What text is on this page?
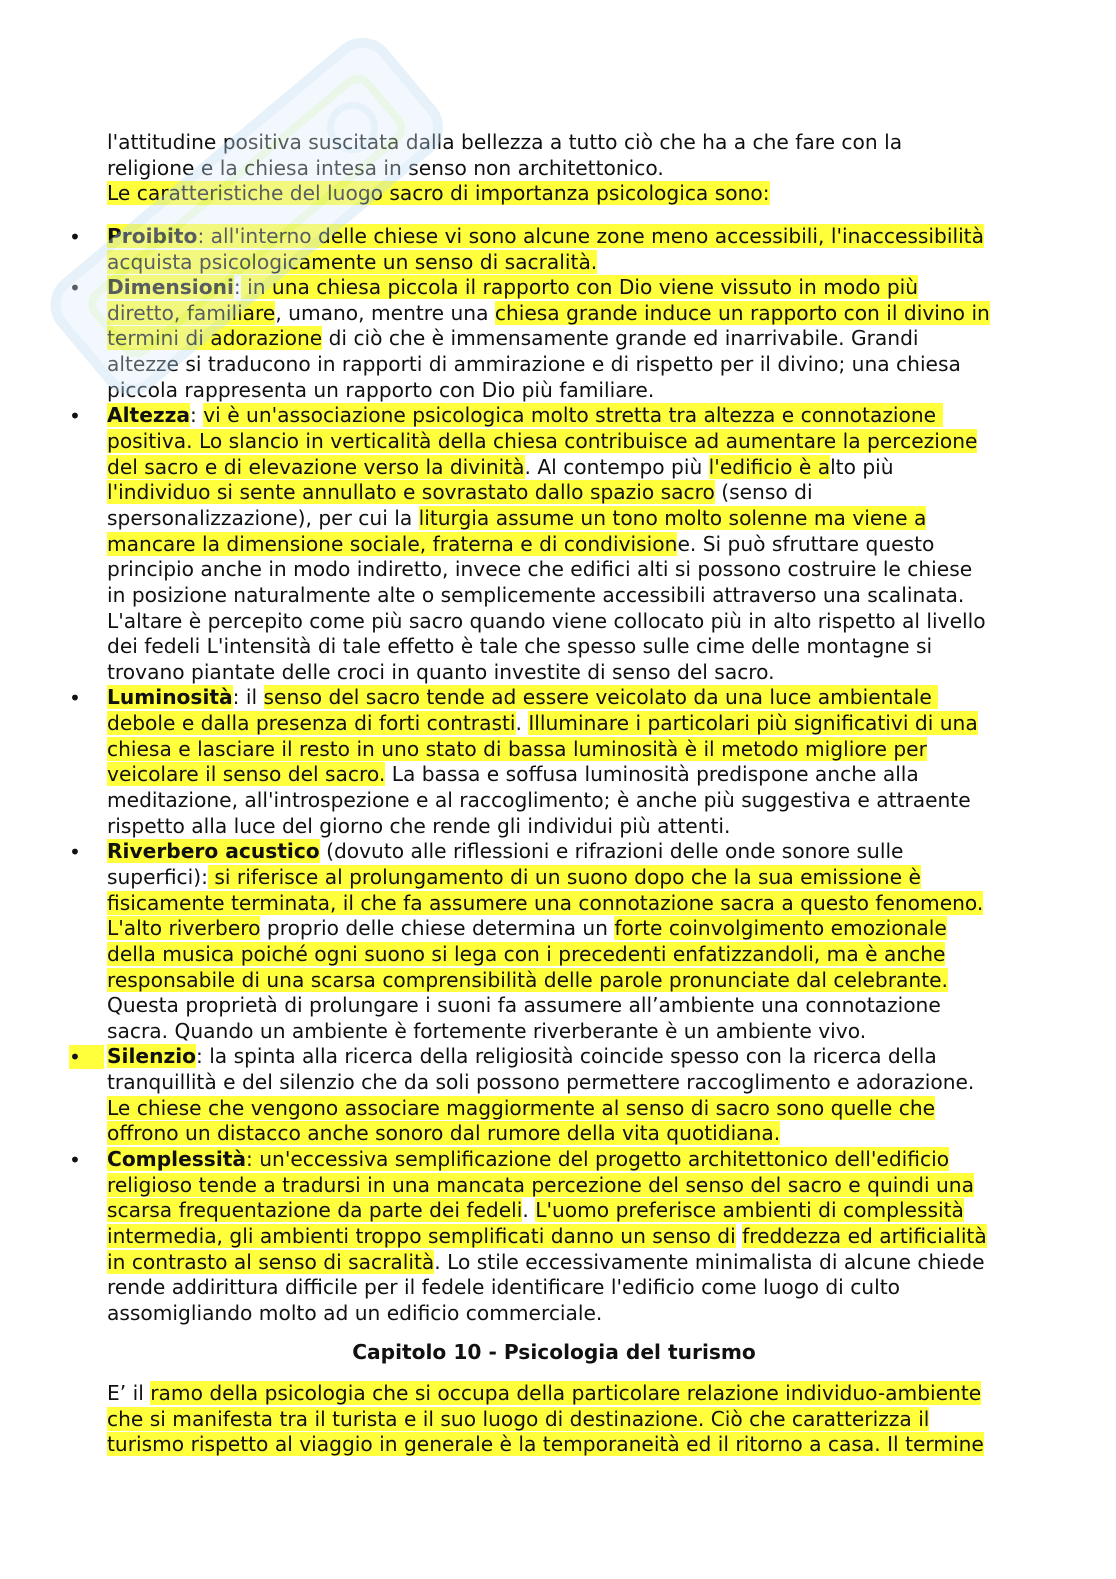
l'attitudine positiva suscitata dalla bellezza a tutto ciò che ha a che fare con la
religione e la chiesa intesa in senso non architettonico.
Le caratteristiche del luogo sacro di importanza psicologica sono:
•	Proibito: all'interno delle chiese vi sono alcune zone meno accessibili, l'inaccessibilità
acquista psicologicamente un senso di sacralità.
•	Dimensioni: in una chiesa piccola il rapporto con Dio viene vissuto in modo più
diretto, familiare, umano, mentre una chiesa grande induce un rapporto con il divino in
termini di adorazione di ciò che è immensamente grande ed inarrivabile. Grandi
altezze si traducono in rapporti di ammirazione e di rispetto per il divino; una chiesa
piccola rappresenta un rapporto con Dio più familiare.
•	Altezza: vi è un'associazione psicologica molto stretta tra altezza e connotazione
positiva. Lo slancio in verticalità della chiesa contribuisce ad aumentare la percezione
del sacro e di elevazione verso la divinità. Al contempo più l'edificio è alto più
l'individuo si sente annullato e sovrastato dallo spazio sacro (senso di
spersonalizzazione), per cui la liturgia assume un tono molto solenne ma viene a
mancare la dimensione sociale, fraterna e di condivisione. Si può sfruttare questo
principio anche in modo indiretto, invece che edifici alti si possono costruire le chiese
in posizione naturalmente alte o semplicemente accessibili attraverso una scalinata.
L'altare è percepito come più sacro quando viene collocato più in alto rispetto al livello
dei fedeli L'intensità di tale effetto è tale che spesso sulle cime delle montagne si
trovano piantate delle croci in quanto investite di senso del sacro.
•	Luminosità: il senso del sacro tende ad essere veicolato da una luce ambientale
debole e dalla presenza di forti contrasti. Illuminare i particolari più significativi di una
chiesa e lasciare il resto in uno stato di bassa luminosità è il metodo migliore per
veicolare il senso del sacro. La bassa e soffusa luminosità predispone anche alla
meditazione, all'introspezione e al raccoglimento; è anche più suggestiva e attraente
rispetto alla luce del giorno che rende gli individui più attenti.
•	Riverbero acustico (dovuto alle riflessioni e rifrazioni delle onde sonore sulle
superfici): si riferisce al prolungamento di un suono dopo che la sua emissione è
fisicamente terminata, il che fa assumere una connotazione sacra a questo fenomeno.
L'alto riverbero proprio delle chiese determina un forte coinvolgimento emozionale
della musica poiché ogni suono si lega con i precedenti enfatizzandoli, ma è anche
responsabile di una scarsa comprensibilità delle parole pronunciate dal celebrante.
Questa proprietà di prolungare i suoni fa assumere all’ambiente una connotazione
sacra. Quando un ambiente è fortemente riverberante è un ambiente vivo.
•	Silenzio: la spinta alla ricerca della religiosità coincide spesso con la ricerca della
tranquillità e del silenzio che da soli possono permettere raccoglimento e adorazione.
Le chiese che vengono associare maggiormente al senso di sacro sono quelle che
offrono un distacco anche sonoro dal rumore della vita quotidiana.
•	Complessità: un'eccessiva semplificazione del progetto architettonico dell'edificio
religioso tende a tradursi in una mancata percezione del senso del sacro e quindi una
scarsa frequentazione da parte dei fedeli. L'uomo preferisce ambienti di complessità
intermedia, gli ambienti troppo semplificati danno un senso di freddezza ed artificialità
in contrasto al senso di sacralità. Lo stile eccessivamente minimalista di alcune chiede
rende addirittura difficile per il fedele identificare l'edificio come luogo di culto
assomigliando molto ad un edificio commerciale.
Capitolo 10 - Psicologia del turismo
E’ il ramo della psicologia che si occupa della particolare relazione individuo-ambiente
che si manifesta tra il turista e il suo luogo di destinazione. Ciò che caratterizza il
turismo rispetto al viaggio in generale è la temporaneità ed il ritorno a casa. Il termine
